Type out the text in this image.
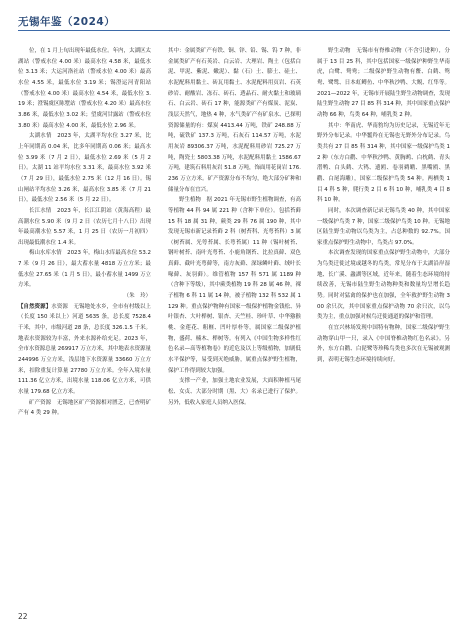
无锡年鉴（2024）

位，在 1 月上旬出现年最低水位。年内，太湖区太湖站（警戒水位 4.00 米）最高水位 4.58 米，最低水位 3.13 米；大运河洛社站（警戒水位 4.00 米）最高水位 4.55 米，最低水位 3.19 米；锡澄运河青阳站（警戒水位 4.00 米）最高水位 4.54 米，最低水位 3.19 米；澄锡虞区陈墅站（警戒水位 4.20 米）最高水位 3.86 米，最低水位 3.02 米；望虞河甘露站（警戒水位 3.80 米）最高水位 4.00 米，最低水位 2.96 米。

太湖水情　2023 年，太湖平均水位 3.27 米，比上年同期高 0.04 米，比多年同期高 0.06 米；最高水位 3.99 米（7 月 2 日），最低水位 2.69 米（5 月 2 日）。太湖 11 站平均水位 3.31 米，最高水位 3.92 米（7 月 29 日），最低水位 2.75 米（12 月 16 日）。锡山闸站平均水位 3.26 米，最高水位 3.85 米（7 月 21 日），最低水位 2.56 米（5 月 22 日）。

长江水情　2023 年，长江江阴站（黄海高程）最高潮水位 5.90 米（9 月 2 日（农历七月十八日）出现年最高潮水位 5.57 米，1 月 25 日（农历一月初四）出现最低潮水位 1.4 米。

梅山水库水情　2023 年，梅山水库最高水位 53.27 米（9 月 26 日），最大蓄水量 4818 万立方米；最低水位 27.65 米（1 月 5 日），最小蓄水量 1499 万立方米。

（朱　玲）

【自然资源】水资源　无锡地处水乡，全市有村级以上（长度 150 米以上）河道 5635 条，总长度 7528.4 千米，其中，市级河道 28 条，总长度 326.1.5 千米。地表水资源较为丰富，外来水源补给充足。2023 年，全市水资源总量 269917 万立方米，其中地表水资源量 244996 万立方米，浅层地下水资源量 33660 万立方米，扣除重复计算量 27780 万立方米。全年入境水量 111.36 亿立方米，出境水量 118.06 亿立方米，可供水量 179.68 亿立方米。

矿产资源　无锡地区矿产资源相对匮乏，已查明矿产有 4 类 29 种。

其中：金属类矿产有铁、铜、锌、铅、锡、钨 7 种，非金属类矿产有石英岩、白云岩、大理岩、陶土（包括白泥、甲泥、紫泥、嫩泥）、黏（石）土、膨土、硅土、水泥配料用黏土、砖瓦用黏土、水泥配料用页岩、石英砂岩、耐酸岩、冻石、砖石、透晶石、耐火黏土和玻璃石、白云岩、砖石 17 种，能源类矿产有煤炭、泥炭、浅层天然气，地热 4 种，水气类矿产有矿泉水、已探明资源储量的有：煤炭 4413.44 万吨，铁矿 248.88 万吨，硫铁矿 137.3 万吨，石灰石 114.57 万吨，水泥用灰岩 89306.37 万吨，水泥配料用砂岩 725.27 万吨，陶瓷土 5803.38 万吨，水泥配料用黏土 1586.67 万吨，建筑石料用灰岩 51.8 万吨，饰面用花岗岩 176.236 万立方米。矿产资源分布不均匀，绝大部分矿种和储量分布在宜兴。

野生植物　据 2021 年无锡市野生植物调查，有高等植物 44 科 94 属 221 种（含种下单位）。包括苔藓 15 科 18 属 31 种，蕨类 29 科 76 属 190 种，其中发现无锡市新记录苔藓 2 科（树苔科、光萼苔科）3 属（树苔属、光萼苔属、长萼苔属）11 种（锡叶树苔、钢叶树苔、南叶光萼苔、小鹿角钢苔、比拉真藓、双色真藓、截叶光萼藓等，南方灰藓、深绿鳞叶藓、绒叶长喙藓、灰羽藓）。维管植物 157 科 571 属 1189 种（含种下等级），其中蕨类植物 19 科 28 属 46 种，裸子植物 6 科 11 属 14 种，被子植物 132 科 532 属 1129 种。重点保护物种有国家一级保护植物金钱松、异叶银杏、大叶榉树、银杏、天竺桂、珍叶草、中华猕猴桃、金莲花、粗榧、凹叶厚朴等，属国家二级保护植物，盛荷、楠木、榉树等。有列入《中国生物多样性红色名录—高等植物卷》的近危及以上等级植物，加剧低水平保护等，易受到灭绝威胁，属重点保护野生植物，保护工作得到较大加强。

支撑一产业，加强土地农业发展，大面积种植马尾松、女贞、大部分时期（黑、大）名录已进行了保护。另外，低收入家庭人员纳入医保。

野生动物　无锡市有脊椎动物（不含引进种），分属于 13 目 25 科，其中包括国家一级保护种野生华南虎，白鹭、鸳鸯；二级保护野生动物有鳖、白鹤、鸳鸯、鹭鸶、日本虹鳟鱼、中华秋沙鸭、大鲵、红隼等。2021—2022 年，无锡市开展陆生野生动物调查，发现陆生野生动物 27 目 85 科 314 种，其中国家重点保护动物 66 种，鸟类 64 种，哺乳类 2 种。

其中：华南虎、华南豹均为历史记录，无锡近年无野外分布记录。中华鬣羚在无锡也无野外分布记录。鸟类共有 27 目 85 科 314 种，其中国家一级保护鸟类 12 种（东方白鹳、中华秋沙鸭、黄胸鹀、白枕鹤、青头潜鸭、白头鹤、大鸨、遗鸥、卷羽鹈鹕、黑嘴鸥、黑鹳、白尾海雕），国家二级保护鸟类 54 种。两栖类 1 目 4 科 5 种，爬行类 2 目 6 科 10 种，哺乳类 4 目 8 科 10 种。

同时，本次调查新记录无锡鸟类 40 种，其中国家一级保护鸟类 7 种，国家二级保护鸟类 10 种。无锡地区陆生野生动物以鸟类为主，占总种数的 92.7%。国家重点保护野生动物中，鸟类占 97.0%。

本次调查发现的国家重点保护野生动物中，大部分为鸟类迁徙过境或越冬的鸟类，常见分布于太湖沿岸湿地、长广溪、蠡湖等区域，近年来，随着生态环境的持续改善，无锡市陆生野生动物种类和数量均呈增长趋势。同时对猛禽的保护也在加强，全年救护野生动物 300 余只次，其中国家重点保护动物 70 余只次，以鸟类为主，重点加强对候鸟迁徙通道的保护和管理。

在宜兴林场发现中国特有物种，国家二级保护野生动物穿山甲一只，录入《中国脊椎动物红色名录》。另外，东方白鹳、白琵鹭等珍稀鸟类也多次在无锡被观测到，表明无锡生态环境持续向好。

22
